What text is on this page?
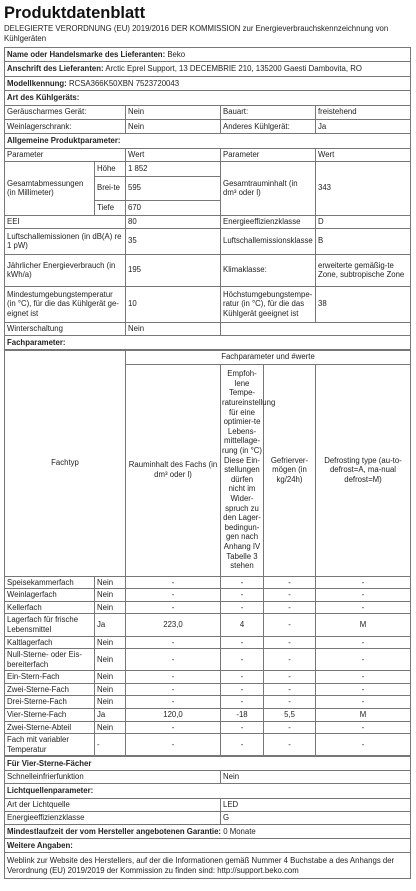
Produktdatenblatt
DELEGIERTE VERORDNUNG (EU) 2019/2016 DER KOMMISSION zur Energieverbrauchskennzeichnung von Kühlgeräten
Name oder Handelsmarke des Lieferanten: Beko				
Anschrift des Lieferanten: Arctic Eprel Support, 13 DECEMBRIE 210, 135200 Gaesti Dambovita, RO				
Modellkennung: RCSA366K50XBN 7523720043				
Art des Kühlgeräts:				
Geräuscharmes Gerät:		Nein	Bauart:	freistehend
Weinlagerschrank:		Nein	Anderes Kühlgerät:	Ja
Allgemeine Produktparameter:				
Parameter		Wert	Parameter	Wert
Gesamtabmessungen (in Millimeter)	Höhe	1 852	Gesamtrauminhalt (in dm³ oder l)	343
	Brei-te	595		
	Tiefe	670		
EEI		80	Energieeffizienzklasse	D
Luftschallemissionen (in dB(A) re 1 pW)		35	Luftschallemissionsklasse	B
Jährlicher Energieverbrauch (in kWh/a)		195	Klimaklasse:	erweiterte gemäßig-te Zone, subtropische Zone
Mindestumgebungstemperatur (in °C), für die das Kühlgerät ge-eignet ist		10	Höchstumgebungstempe-ratur (in °C), für die das Kühlgerät geeignet ist	38
Winterschaltung		Nein		
Fachparameter:				
Fachtyp		Fachparameter und #werte			
		Rauminhalt des Fachs (in dm³ oder l)	Empfoh-lene Tempe-ratureinstellung für eine optimier-te Lebens-mittellage-rung (in °C) Diese Ein-stellungen dürfen nicht im Wider-spruch zu den Lager-bedingun-gen nach Anhang IV Tabelle 3 stehen	Gefrierver-mögen (in kg/24h)	Defrosting type (au-to-defrost=A, ma-nual defrost=M)
Speisekammerfach	Nein	-	-	-	-
Weinlagerfach	Nein	-	-	-	-
Kellerfach	Nein	-	-	-	-
Lagerfach für frische Lebensmittel	Ja	223,0	4	-	M
Kaltlagerfach	Nein	-	-	-	-
Null-Sterne- oder Eis-bereiterfach	Nein	-	-	-	-
Ein-Stern-Fach	Nein	-	-	-	-
Zwei-Sterne-Fach	Nein	-	-	-	-
Drei-Sterne-Fach	Nein	-	-	-	-
Vier-Sterne-Fach	Ja	120,0	-18	5,5	M
Zwei-Sterne-Abteil	Nein	-	-	-	-
Fach mit variabler Temperatur	-	-	-	-	-
Für Vier-Sterne-Fächer	
Schnelleinfrierfunktion	Nein
Lichtquellenparameter:	
Art der Lichtquelle	LED
Energieeffizienzklasse	G
Mindestlaufzeit der vom Hersteller angebotenen Garantie: 0 Monate	
Weitere Angaben:	
Weblink zur Website des Herstellers, auf der die Informationen gemäß Nummer 4 Buchstabe a des Anhangs der Verordnung (EU) 2019/2019 der Kommission zu finden sind: http://support.beko.com	
